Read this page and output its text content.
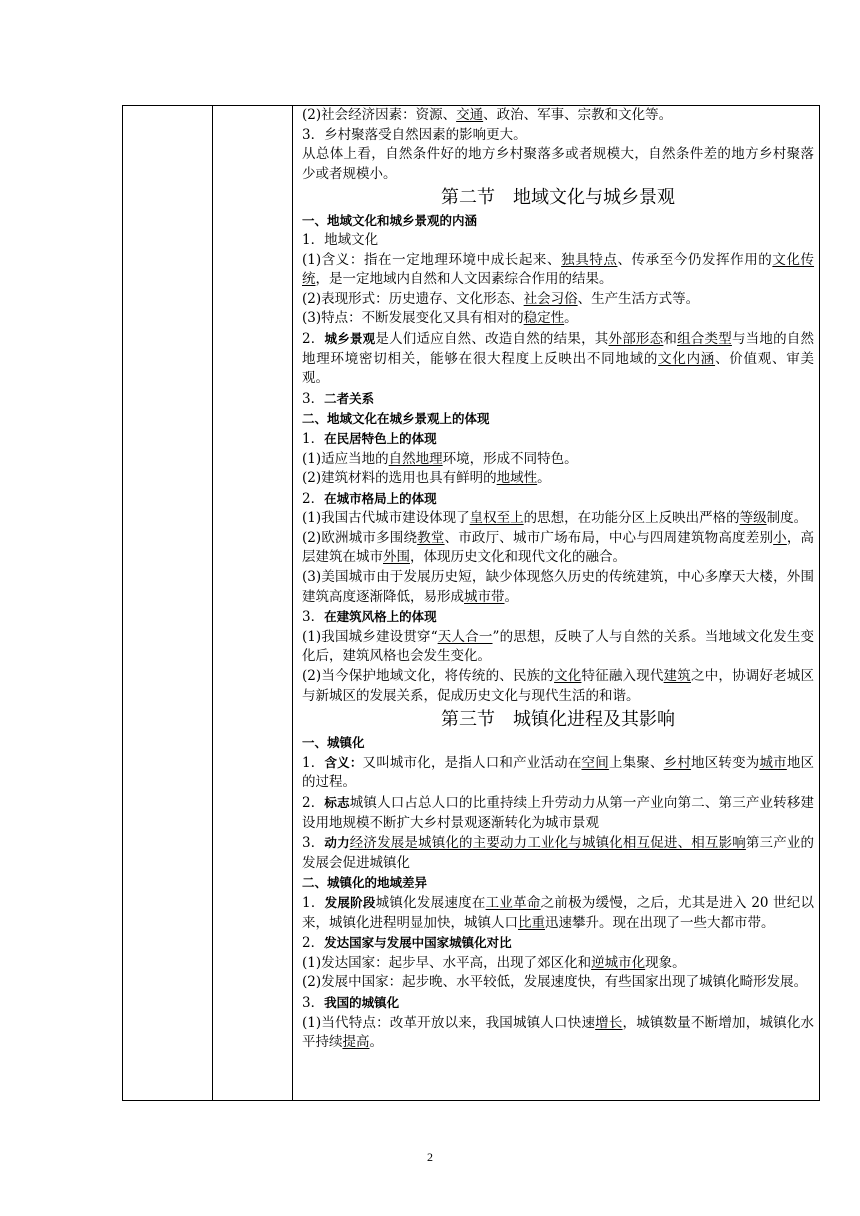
(2)社会经济因素：资源、交通、政治、军事、宗教和文化等。
3．乡村聚落受自然因素的影响更大。
从总体上看，自然条件好的地方乡村聚落多或者规模大，自然条件差的地方乡村聚落少或者规模小。
第二节　地域文化与城乡景观
一、地域文化和城乡景观的内涵
1．地域文化
(1)含义：指在一定地理环境中成长起来、独具特点、传承至今仍发挥作用的文化传统，是一定地域内自然和人文因素综合作用的结果。
(2)表现形式：历史遗存、文化形态、社会习俗、生产生活方式等。
(3)特点：不断发展变化又具有相对的稳定性。
2．城乡景观是人们适应自然、改造自然的结果，其外部形态和组合类型与当地的自然地理环境密切相关，能够在很大程度上反映出不同地域的文化内涵、价值观、审美观。
3．二者关系
二、地域文化在城乡景观上的体现
1．在民居特色上的体现
(1)适应当地的自然地理环境，形成不同特色。
(2)建筑材料的选用也具有鲜明的地域性。
2．在城市格局上的体现
(1)我国古代城市建设体现了皇权至上的思想，在功能分区上反映出严格的等级制度。
(2)欧洲城市多围绕教堂、市政厅、城市广场布局，中心与四周建筑物高度差别小，高层建筑在城市外围，体现历史文化和现代文化的融合。
(3)美国城市由于发展历史短，缺少体现悠久历史的传统建筑，中心多摩天大楼，外围建筑高度逐渐降低，易形成城市带。
3．在建筑风格上的体现
(1)我国城乡建设贯穿“天人合一”的思想，反映了人与自然的关系。当地域文化发生变化后，建筑风格也会发生变化。
(2)当今保护地域文化，将传统的、民族的文化特征融入现代建筑之中，协调好老城区与新城区的发展关系，促成历史文化与现代生活的和谐。
第三节　城镇化进程及其影响
一、城镇化
1．含义：又叫城市化，是指人口和产业活动在空间上集聚、乡村地区转变为城市地区的过程。
2．标志城镇人口占总人口的比重持续上升劳动力从第一产业向第二、第三产业转移建设用地规模不断扩大乡村景观逐渐转化为城市景观
3．动力经济发展是城镇化的主要动力工业化与城镇化相互促进、相互影响第三产业的发展会促进城镇化
二、城镇化的地域差异
1．发展阶段城镇化发展速度在工业革命之前极为缓慢，之后，尤其是进入 20 世纪以来，城镇化进程明显加快，城镇人口比重迅速攀升。现在出现了一些大都市带。
2．发达国家与发展中国家城镇化对比
(1)发达国家：起步早、水平高，出现了郊区化和逆城市化现象。
(2)发展中国家：起步晚、水平较低，发展速度快，有些国家出现了城镇化畸形发展。
3．我国的城镇化
(1)当代特点：改革开放以来，我国城镇人口快速增长，城镇数量不断增加，城镇化水平持续提高。
2
